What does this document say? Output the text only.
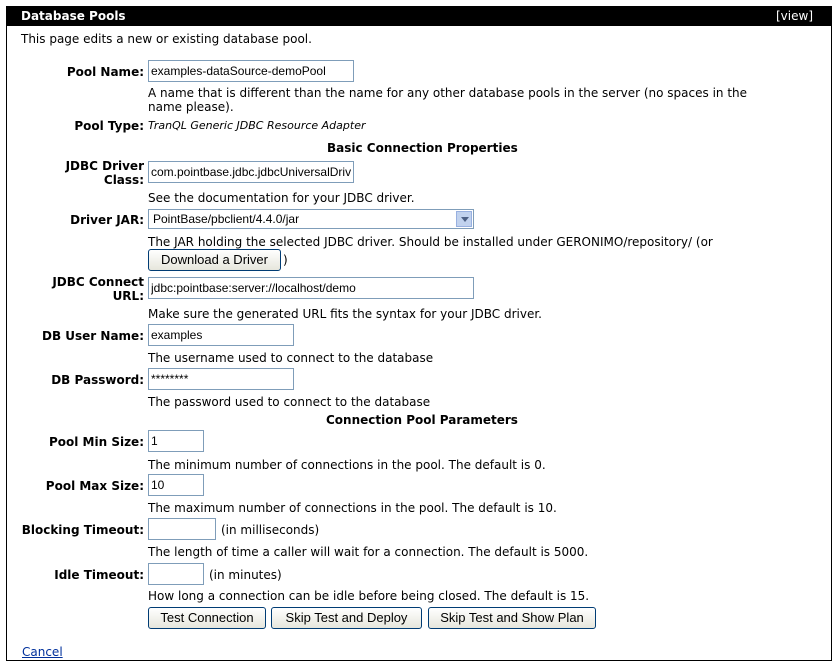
Database Pools	[view]
This page edits a new or existing database pool.
Pool Name:
examples-dataSource-demoPool
A name that is different than the name for any other database pools in the server (no spaces in the
name please).
Pool Type: TranQL Generic JDBC Resource Adapter
Basic Connection Properties
JDBC Driver
Class:
com.pointbase.jdbc.jdbcUniversalDriver
See the documentation for your JDBC driver.
Driver JAR: PointBase/pbclient/4.4.0/jar
The JAR holding the selected JDBC driver. Should be installed under GERONIMO/repository/ (or
Download a Driver	)
JDBC Connect
URL:
jdbc:pointbase:server://localhost/demo
Make sure the generated URL fits the syntax for your JDBC driver.
DB User Name:
examples
The username used to connect to the database
DB Password:
********
The password used to connect to the database
Connection Pool Parameters
Pool Min Size:
1
The minimum number of connections in the pool. The default is 0.
Pool Max Size:
10
The maximum number of connections in the pool. The default is 10.
Blocking Timeout:	(in milliseconds)
The length of time a caller will wait for a connection. The default is 5000.
Idle Timeout:	(in minutes)
How long a connection can be idle before being closed. The default is 15.
Test Connection	Skip Test and Deploy	Skip Test and Show Plan
Cancel
